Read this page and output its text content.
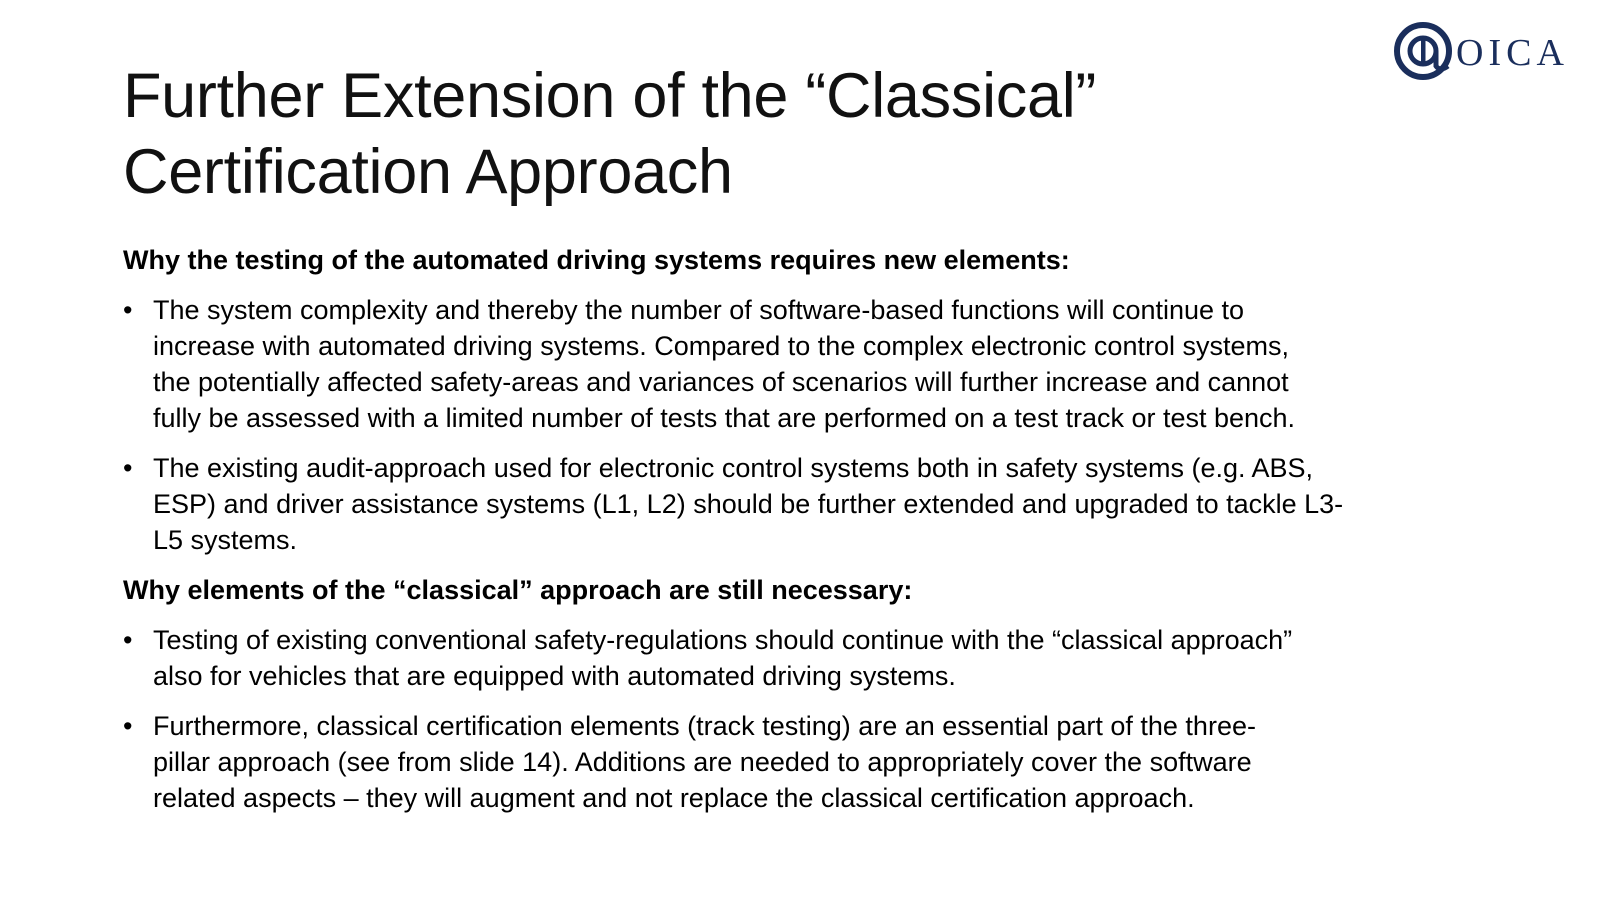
OICA
Further Extension of the “Classical”
Certification Approach

Why the testing of the automated driving systems requires new elements:

• The system complexity and thereby the number of software-based functions will continue to
increase with automated driving systems. Compared to the complex electronic control systems,
the potentially affected safety-areas and variances of scenarios will further increase and cannot
fully be assessed with a limited number of tests that are performed on a test track or test bench.
• The existing audit-approach used for electronic control systems both in safety systems (e.g. ABS,
ESP) and driver assistance systems (L1, L2) should be further extended and upgraded to tackle L3-
L5 systems.

Why elements of the “classical” approach are still necessary:

• Testing of existing conventional safety-regulations should continue with the “classical approach”
also for vehicles that are equipped with automated driving systems.
• Furthermore, classical certification elements (track testing) are an essential part of the three-
pillar approach (see from slide 14). Additions are needed to appropriately cover the software
related aspects – they will augment and not replace the classical certification approach.
